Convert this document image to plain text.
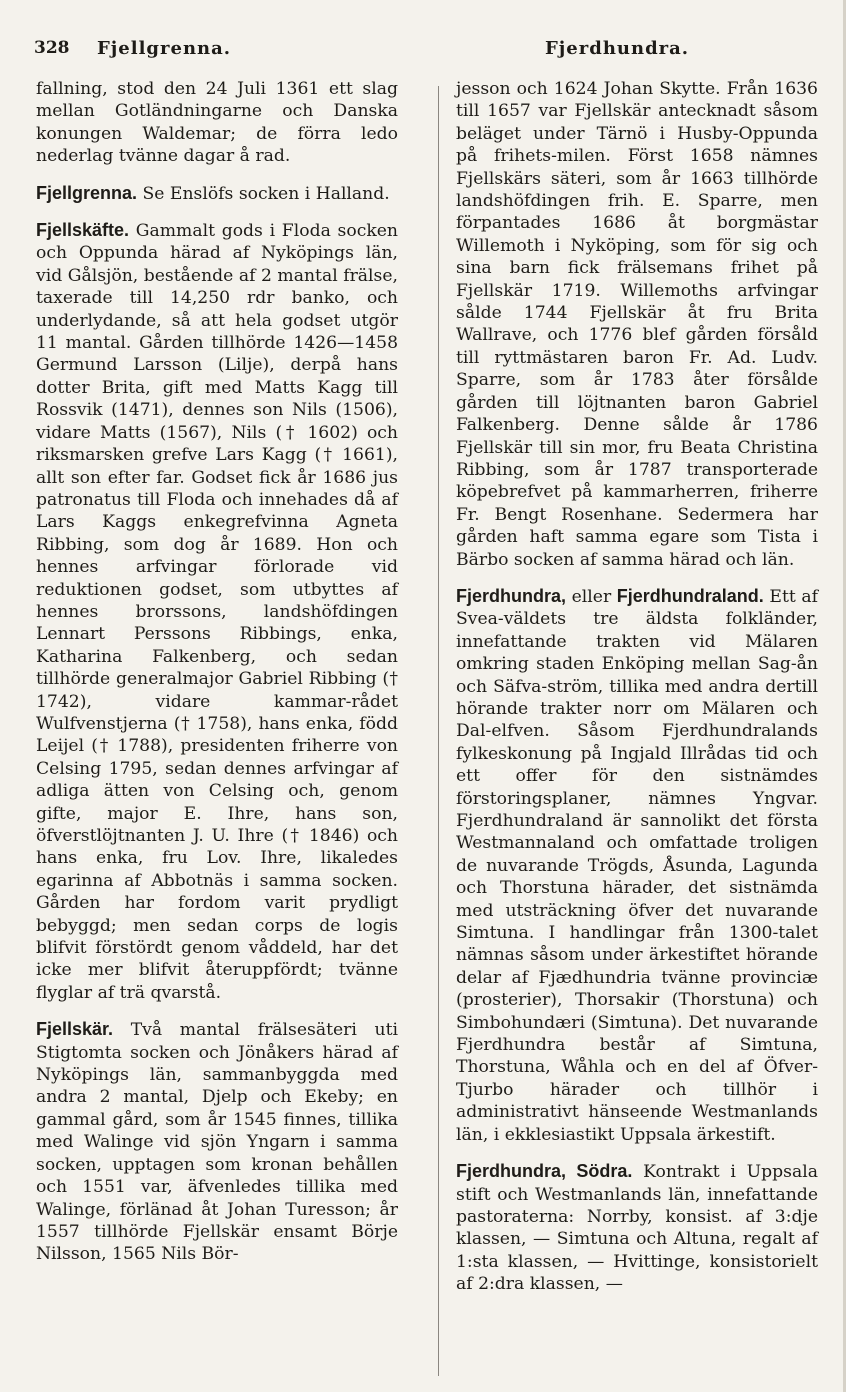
328 Fjellgrenna.	Fjerdhundra.

fallning, stod den 24 Juli 1361 ett slag mellan Gotländningarne och Danska konungen Waldemar; de förra ledo nederlag tvänne dagar å rad.

Fjellgrenna. Se Enslöfs socken i Halland.

Fjellskäfte. Gammalt gods i Floda socken och Oppunda härad af Nyköpings län, vid Gålsjön, bestående af 2 mantal frälse, taxerade till 14,250 rdr banko, och underlydande, så att hela godset utgör 11 mantal. Gården tillhörde 1426—1458 Germund Larsson (Lilje), derpå hans dotter Brita, gift med Matts Kagg till Rossvik (1471), dennes son Nils (1506), vidare Matts (1567), Nils († 1602) och riksmarsken grefve Lars Kagg († 1661), allt son efter far. Godset fick år 1686 jus patronatus till Floda och innehades då af Lars Kaggs enkegrefvinna Agneta Ribbing, som dog år 1689. Hon och hennes arfvingar förlorade vid reduktionen godset, som utbyttes af hennes brorssons, landshöfdingen Lennart Perssons Ribbings, enka, Katharina Falkenberg, och sedan tillhörde generalmajor Gabriel Ribbing († 1742), vidare kammar-rådet Wulfvenstjerna († 1758), hans enka, född Leijel († 1788), presidenten friherre von Celsing 1795, sedan dennes arfvingar af adliga ätten von Celsing och, genom gifte, major E. Ihre, hans son, öfverstlöjtnanten J. U. Ihre († 1846) och hans enka, fru Lov. Ihre, likaledes egarinna af Abbotnäs i samma socken. Gården har fordom varit prydligt bebyggd; men sedan corps de logis blifvit förstördt genom våddeld, har det icke mer blifvit återuppfördt; tvänne flyglar af trä qvarstå.

Fjellskär. Två mantal frälsesäteri uti Stigtomta socken och Jönåkers härad af Nyköpings län, sammanbyggda med andra 2 mantal, Djelp och Ekeby; en gammal gård, som år 1545 finnes, tillika med Walinge vid sjön Yngarn i samma socken, upptagen som kronan behållen och 1551 var, äfvenledes tillika med Walinge, förlänad åt Johan Turesson; år 1557 tillhörde Fjellskär ensamt Börje Nilsson, 1565 Nils Bör-

jesson och 1624 Johan Skytte. Från 1636 till 1657 var Fjellskär antecknadt såsom beläget under Tärnö i Husby-Oppunda på frihets-milen. Först 1658 nämnes Fjellskärs säteri, som år 1663 tillhörde landshöfdingen frih. E. Sparre, men förpantades 1686 åt borgmästar Willemoth i Nyköping, som för sig och sina barn fick frälsemans frihet på Fjellskär 1719. Willemoths arfvingar sålde 1744 Fjellskär åt fru Brita Wallrave, och 1776 blef gården försåld till ryttmästaren baron Fr. Ad. Ludv. Sparre, som år 1783 åter försålde gården till löjtnanten baron Gabriel Falkenberg. Denne sålde år 1786 Fjellskär till sin mor, fru Beata Christina Ribbing, som år 1787 transporterade köpebrefvet på kammarherren, friherre Fr. Bengt Rosenhane. Sedermera har gården haft samma egare som Tista i Bärbo socken af samma härad och län.

Fjerdhundra, eller Fjerdhundraland. Ett af Svea-väldets tre äldsta folkländer, innefattande trakten vid Mälaren omkring staden Enköping mellan Sag-ån och Säfva-ström, tillika med andra dertill hörande trakter norr om Mälaren och Dal-elfven. Såsom Fjerdhundralands fylkeskonung på Ingjald Illrådas tid och ett offer för den sistnämdes förstoringsplaner, nämnes Yngvar. Fjerdhundraland är sannolikt det första Westmannaland och omfattade troligen de nuvarande Trögds, Åsunda, Lagunda och Thorstuna härader, det sistnämda med utsträckning öfver det nuvarande Simtuna. I handlingar från 1300-talet nämnas såsom under ärkestiftet hörande delar af Fjædhundria tvänne provinciæ (prosterier), Thorsakir (Thorstuna) och Simbohundæri (Simtuna). Det nuvarande Fjerdhundra består af Simtuna, Thorstuna, Wåhla och en del af Öfver-Tjurbo härader och tillhör i administrativt hänseende Westmanlands län, i ekklesiastikt Uppsala ärkestift.

Fjerdhundra, Södra. Kontrakt i Uppsala stift och Westmanlands län, innefattande pastoraterna: Norrby, konsist. af 3:dje klassen, — Simtuna och Altuna, regalt af 1:sta klassen, — Hvittinge, konsistorielt af 2:dra klassen, —
